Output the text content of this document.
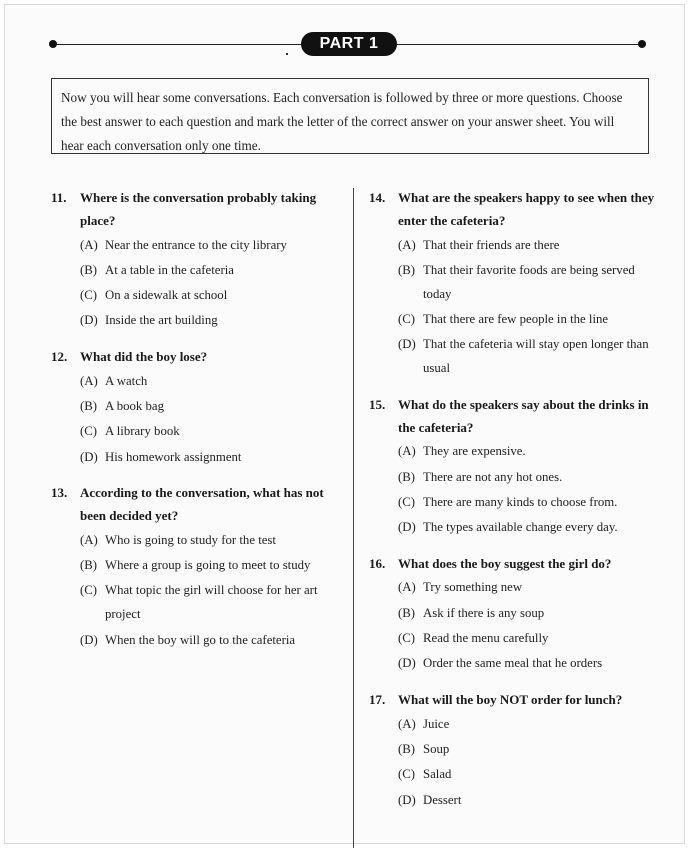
PART 1
Now you will hear some conversations. Each conversation is followed by three or more questions. Choose the best answer to each question and mark the letter of the correct answer on your answer sheet. You will hear each conversation only one time.
11.	Where is the conversation probably taking place?
(A) Near the entrance to the city library
(B) At a table in the cafeteria
(C) On a sidewalk at school
(D) Inside the art building
12. What did the boy lose?
(A) A watch
(B) A book bag
(C) A library book
(D) His homework assignment
13. According to the conversation, what has not been decided yet?
(A) Who is going to study for the test
(B) Where a group is going to meet to study
(C) What topic the girl will choose for her art project
(D) When the boy will go to the cafeteria
14. What are the speakers happy to see when they enter the cafeteria?
(A) That their friends are there
(B) That their favorite foods are being served today
(C) That there are few people in the line
(D) That the cafeteria will stay open longer than usual
15. What do the speakers say about the drinks in the cafeteria?
(A) They are expensive.
(B) There are not any hot ones.
(C) There are many kinds to choose from.
(D) The types available change every day.
16. What does the boy suggest the girl do?
(A) Try something new
(B) Ask if there is any soup
(C) Read the menu carefully
(D) Order the same meal that he orders
17. What will the boy NOT order for lunch?
(A) Juice
(B) Soup
(C) Salad
(D) Dessert
